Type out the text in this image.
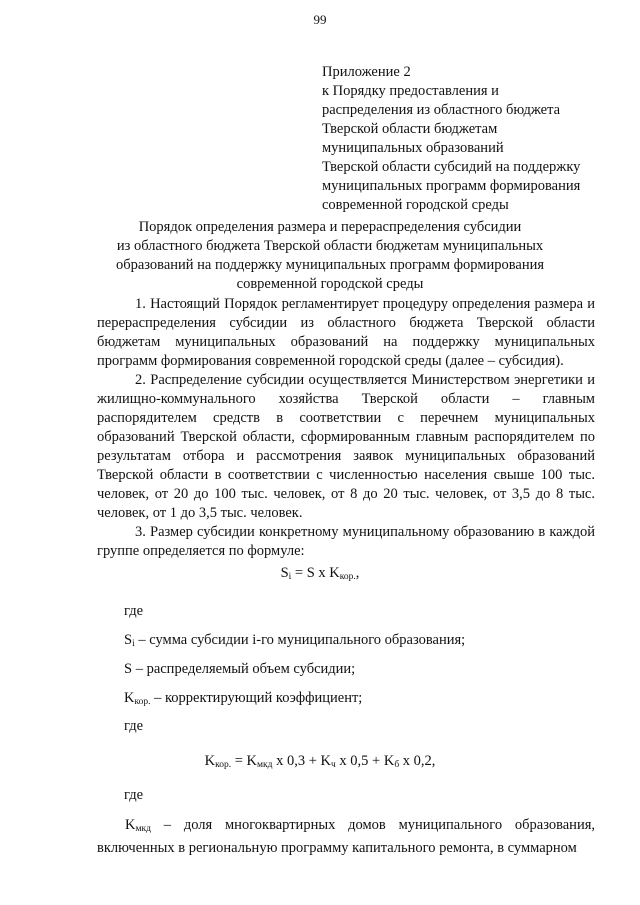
99
Приложение 2
к Порядку предоставления и
распределения из областного бюджета
Тверской области бюджетам
муниципальных образований
Тверской области субсидий на поддержку
муниципальных программ формирования
современной городской среды
Порядок определения размера и перераспределения субсидии
из областного бюджета Тверской области бюджетам муниципальных
образований на поддержку муниципальных программ формирования
современной городской среды

1. Настоящий Порядок регламентирует процедуру определения размера и перераспределения субсидии из областного бюджета Тверской области бюджетам муниципальных образований на поддержку муниципальных программ формирования современной городской среды (далее – субсидия).

2. Распределение субсидии осуществляется Министерством энергетики и жилищно-коммунального хозяйства Тверской области – главным распорядителем средств в соответствии с перечнем муниципальных образований Тверской области, сформированным главным распорядителем по результатам отбора и рассмотрения заявок муниципальных образований Тверской области в соответствии с численностью населения свыше 100 тыс. человек, от 20 до 100 тыс. человек, от 8 до 20 тыс. человек, от 3,5 до 8 тыс. человек, от 1 до 3,5 тыс. человек.

3. Размер субсидии конкретному муниципальному образованию в каждой группе определяется по формуле:

$S_i = S$ x $K_{кор.}$,
где
$S_i$ – сумма субсидии i-го муниципального образования;
S – распределяемый объем субсидии;
$K_{кор.}$ – корректирующий коэффициент;
где
$K_{кор.} = K_{мкд}$ x $0,3 + K_ч$ x $0,5 + K_б$ x 0,2,
где
$K_{мкд}$ – доля многоквартирных домов муниципального образования, включенных в региональную программу капитального ремонта, в суммарном
